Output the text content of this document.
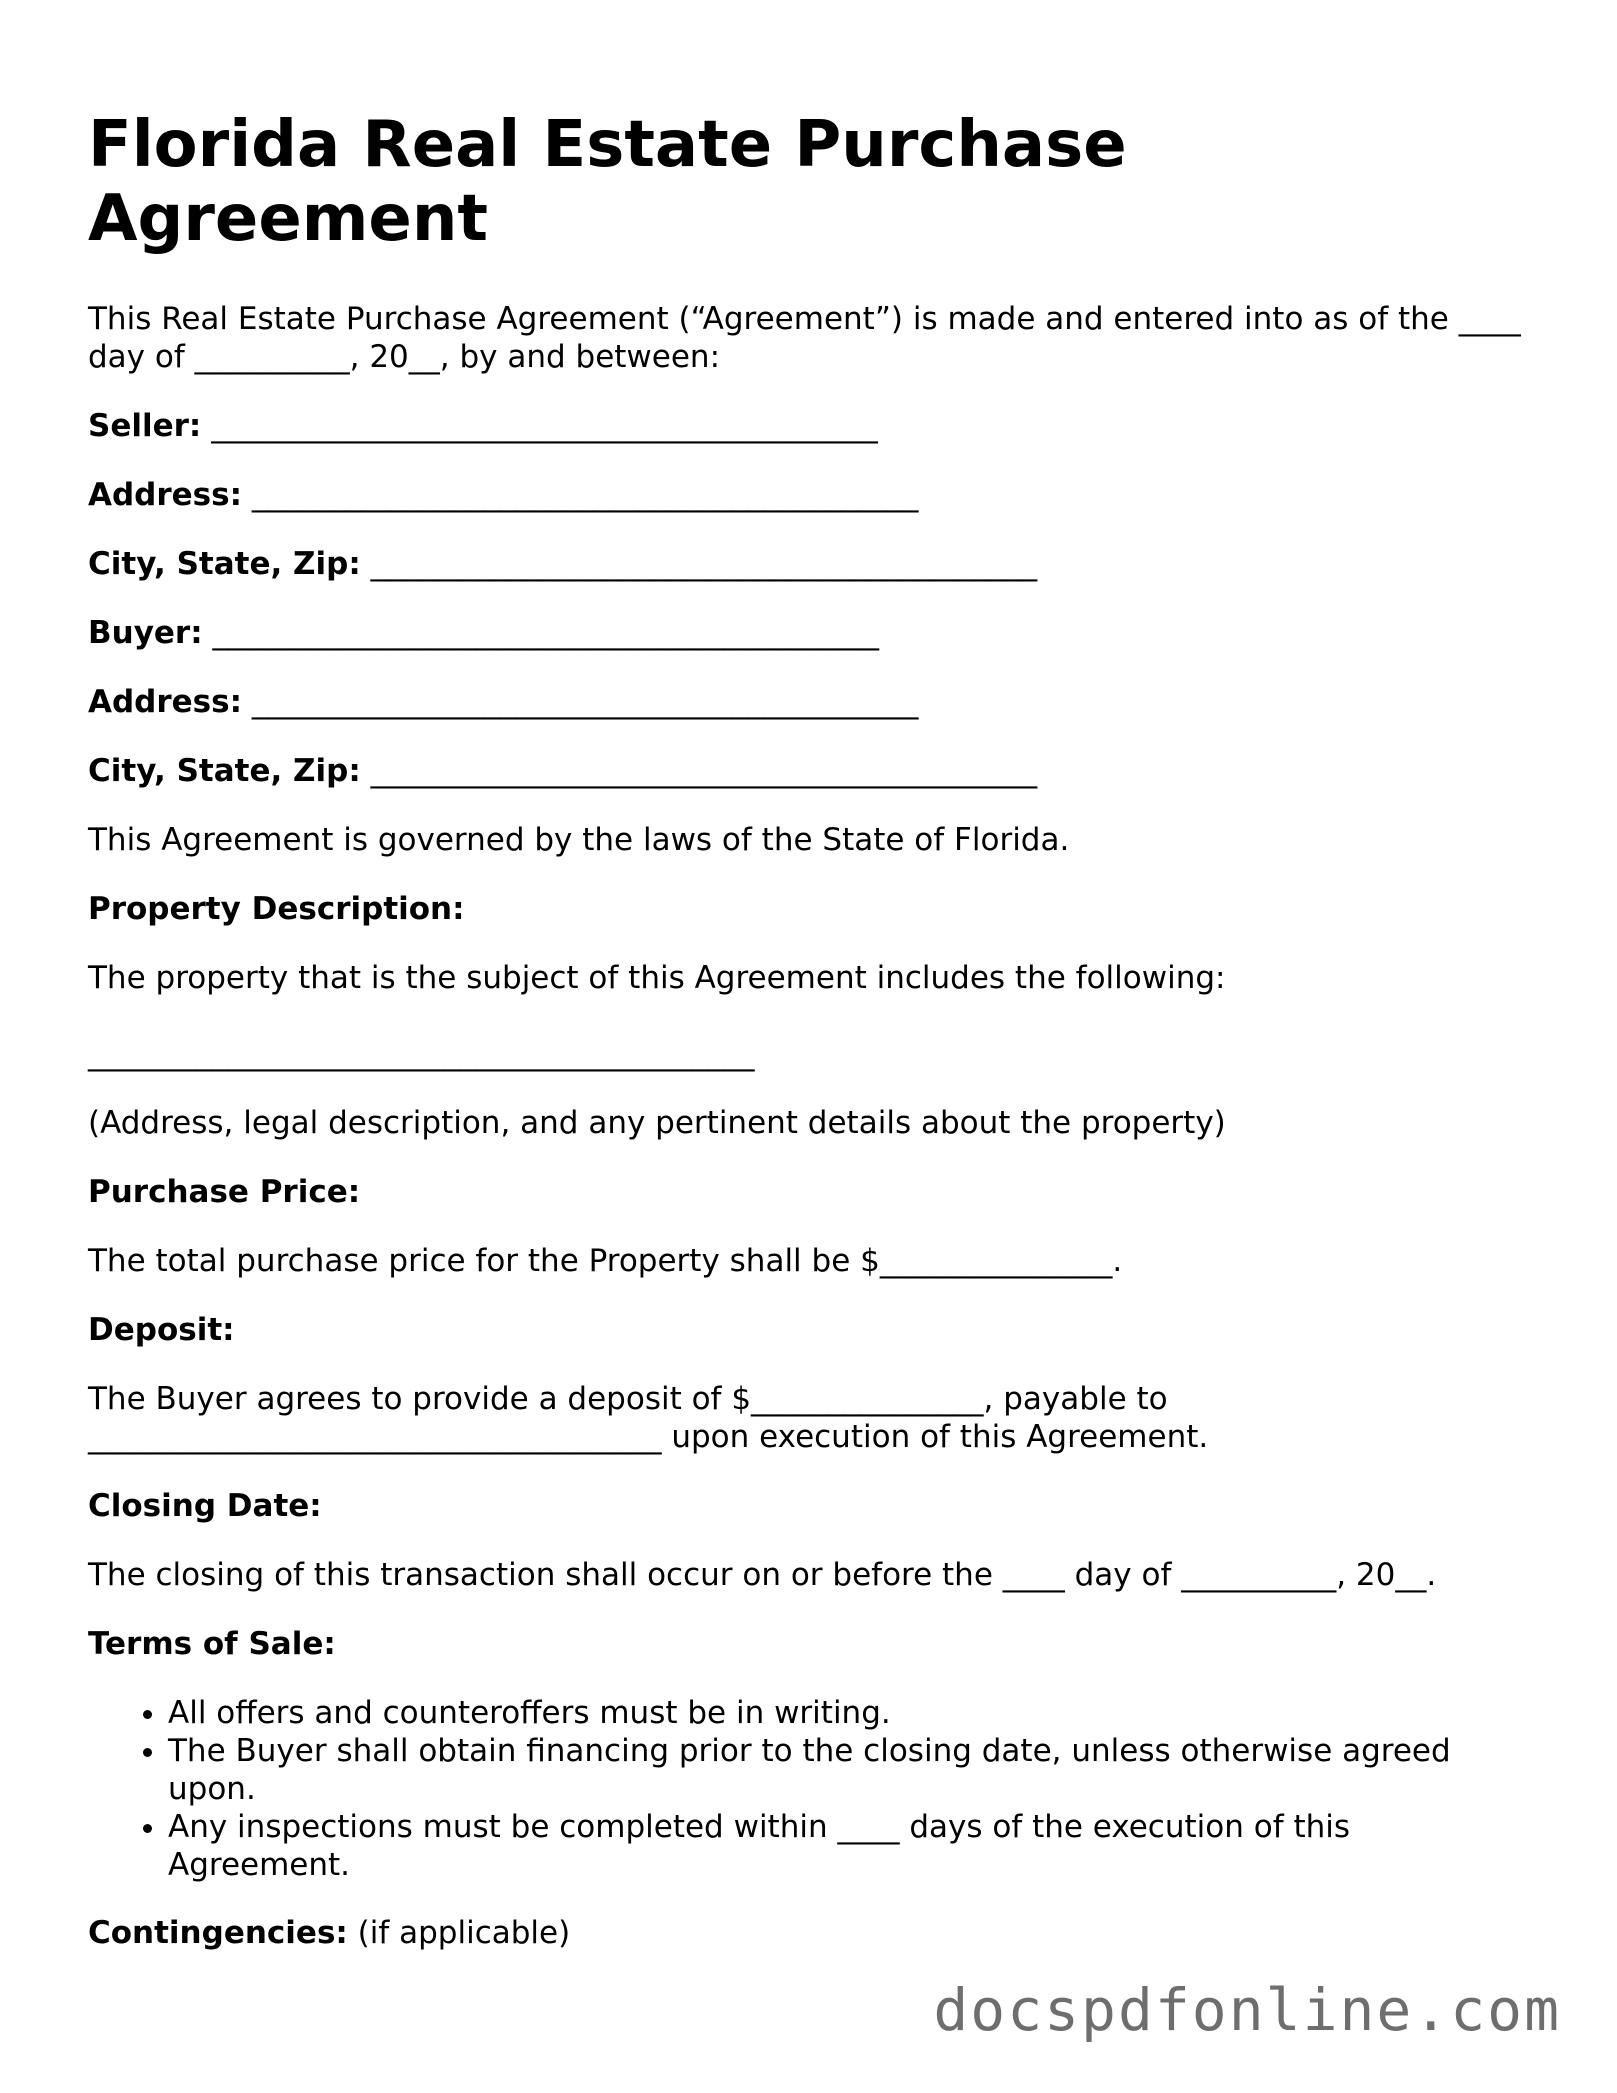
Florida Real Estate Purchase Agreement

This Real Estate Purchase Agreement (“Agreement”) is made and entered into as of the ____ day of __________, 20__, by and between:

Seller: ___________________________________________

Address: ___________________________________________

City, State, Zip: ___________________________________________

Buyer: ___________________________________________

Address: ___________________________________________

City, State, Zip: ___________________________________________

This Agreement is governed by the laws of the State of Florida.

Property Description:

The property that is the subject of this Agreement includes the following:

___________________________________________

(Address, legal description, and any pertinent details about the property)

Purchase Price:

The total purchase price for the Property shall be $_______________.

Deposit:

The Buyer agrees to provide a deposit of $_______________, payable to _____________________________________ upon execution of this Agreement.

Closing Date:

The closing of this transaction shall occur on or before the ____ day of __________, 20__.

Terms of Sale:

• All offers and counteroffers must be in writing.
• The Buyer shall obtain financing prior to the closing date, unless otherwise agreed upon.
• Any inspections must be completed within ____ days of the execution of this Agreement.

Contingencies: (if applicable)

docspdfonline.com
